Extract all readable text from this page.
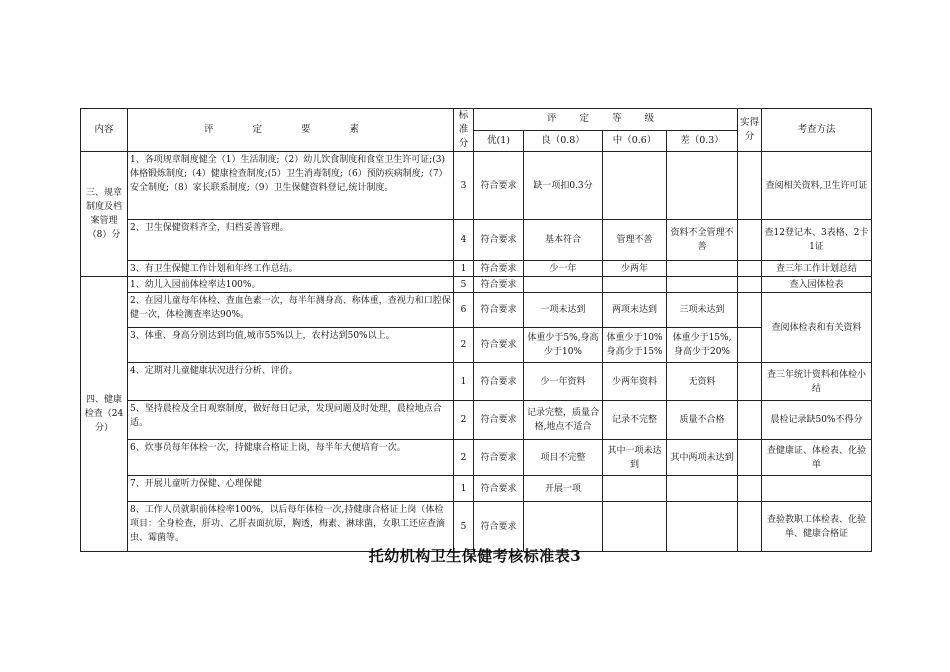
内容	评 定 要 素	标准分	评 定 等 级				实得分	考查方法
			优(1)	良（0.8）	中（0.6）	差（0.3）		
三、规章制度及档案管理（8）分	1、各项规章制度健全（1）生活制度;（2）幼儿饮食制度和食堂卫生许可证;(3)体格锻炼制度;（4）健康检查制度;(5）卫生消毒制度;（6）预防疾病制度;（7）安全制度;（8）家长联系制度;（9）卫生保健资料登记,统计制度。	3	符合要求	缺一项扣0.3分				查阅相关资料,卫生许可证
	2、卫生保健资料齐全，归档妥善管理。	4	符合要求	基本符合	管理不善	资料不全管理不善		查12登记本、3表格、2卡1证
	3、有卫生保健工作计划和年终工作总结。	1	符合要求	少一年	少两年			查三年工作计划总结
四、健康检查（24分）	1、幼儿入园前体检率达100%。	5	符合要求					查入园体检表
	2、在园儿童每年体检、查血色素一次，每半年测身高、称体重，查视力和口腔保健一次，体检测查率达90%。	6	符合要求	一项未达到	两项未达到	三项未达到		查阅体检表和有关资料
	3、体重、身高分别达到均值,城市55%以上，农村达到50%以上。	2	符合要求	体重少于5%,身高少于10%	体重少于10%身高少于15%	体重少于15%,身高少于20%		
	4、定期对儿童健康状况进行分析、评价。	1	符合要求	少一年资料	少两年资料	无资料		查三年统计资料和体检小结
	5、坚持晨检及全日观察制度，做好每日记录，发现问题及时处理，晨检地点合适。	2	符合要求	记录完整，质量合格,地点不适合	记录不完整	质量不合格		晨检记录缺50%不得分
	6、炊事员每年体检一次，持健康合格证上岗，每半年大便培育一次。	2	符合要求	项目不完整	其中一项未达到	其中两项未达到		查健康证、体检表、化验单
	7、开展儿童听力保健、心理保健	1	符合要求	开展一项				
	8、工作人员就职前体检率100%，以后每年体检一次,持健康合格证上岗（体检项目：全身检查，肝功、乙肝表面抗原，胸透，梅素、淋球菌，女职工还应查滴虫、霉菌等。	5	符合要求					查验教职工体检表、化验单、健康合格证
托幼机构卫生保健考核标准表3
